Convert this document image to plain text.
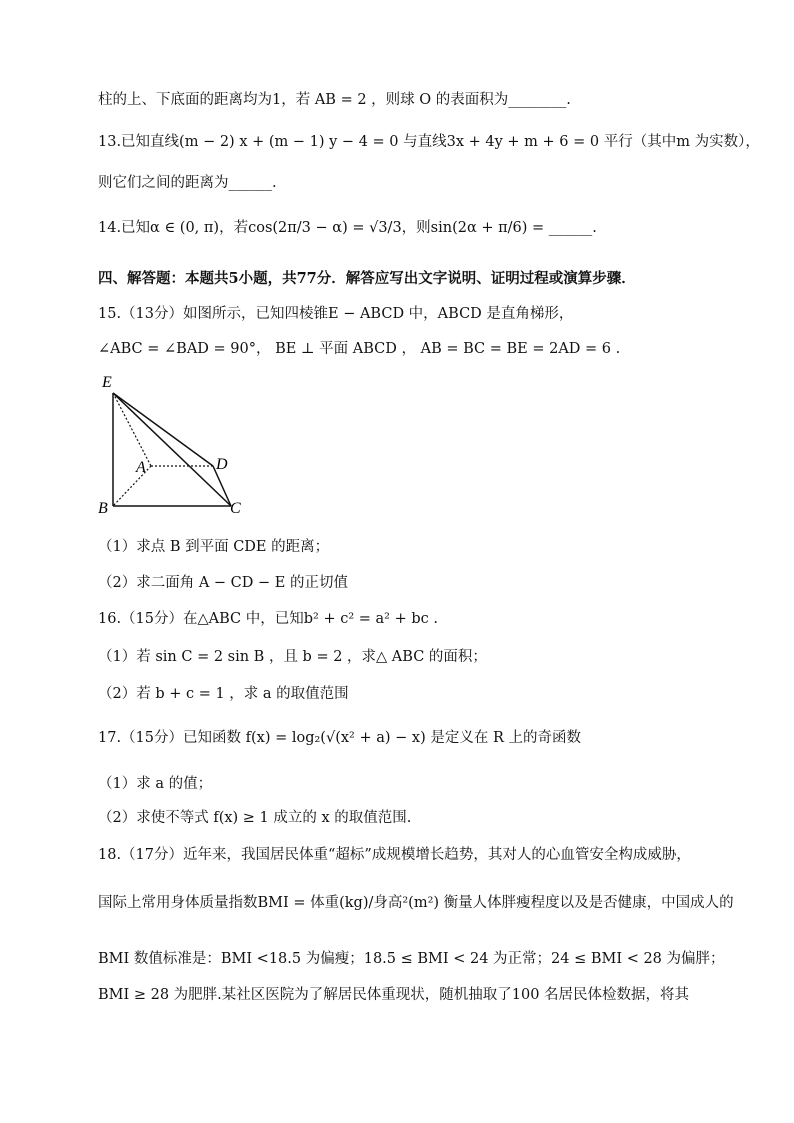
柱的上、下底面的距离均为1，若 AB = 2 ，则球 O 的表面积为________.
13.已知直线(m − 2) x + (m − 1) y − 4 = 0 与直线3x + 4y + m + 6 = 0 平行（其中m 为实数），
则它们之间的距离为______.
14.已知α ∈ (0, π)，若cos(2π/3 − α) = √3/3，则sin(2α + π/6) = ______.
四、解答题：本题共5小题，共77分．解答应写出文字说明、证明过程或演算步骤．
15.（13分）如图所示，已知四棱锥E − ABCD 中，ABCD 是直角梯形，
∠ABC = ∠BAD = 90°， BE ⊥ 平面 ABCD ， AB = BC = BE = 2AD = 6 .
E
A	D
B	C
（1）求点 B 到平面 CDE 的距离；
（2）求二面角 A − CD − E 的正切值
16.（15分）在△ABC 中，已知b² + c² = a² + bc .
（1）若 sin C = 2 sin B ，且 b = 2 ，求△ ABC 的面积；
（2）若 b + c = 1 ，求 a 的取值范围
17.（15分）已知函数 f(x) = log₂(√(x² + a) − x) 是定义在 R 上的奇函数
（1）求 a 的值；
（2）求使不等式 f(x) ≥ 1 成立的 x 的取值范围.
18.（17分）近年来，我国居民体重“超标”成规模增长趋势，其对人的心血管安全构成威胁，
国际上常用身体质量指数BMI = 体重(kg)/身高²(m²) 衡量人体胖瘦程度以及是否健康，中国成人的
BMI 数值标准是：BMI <18.5 为偏瘦；18.5 ≤ BMI < 24 为正常；24 ≤ BMI < 28 为偏胖；
BMI ≥ 28 为肥胖.某社区医院为了解居民体重现状，随机抽取了100 名居民体检数据，将其
